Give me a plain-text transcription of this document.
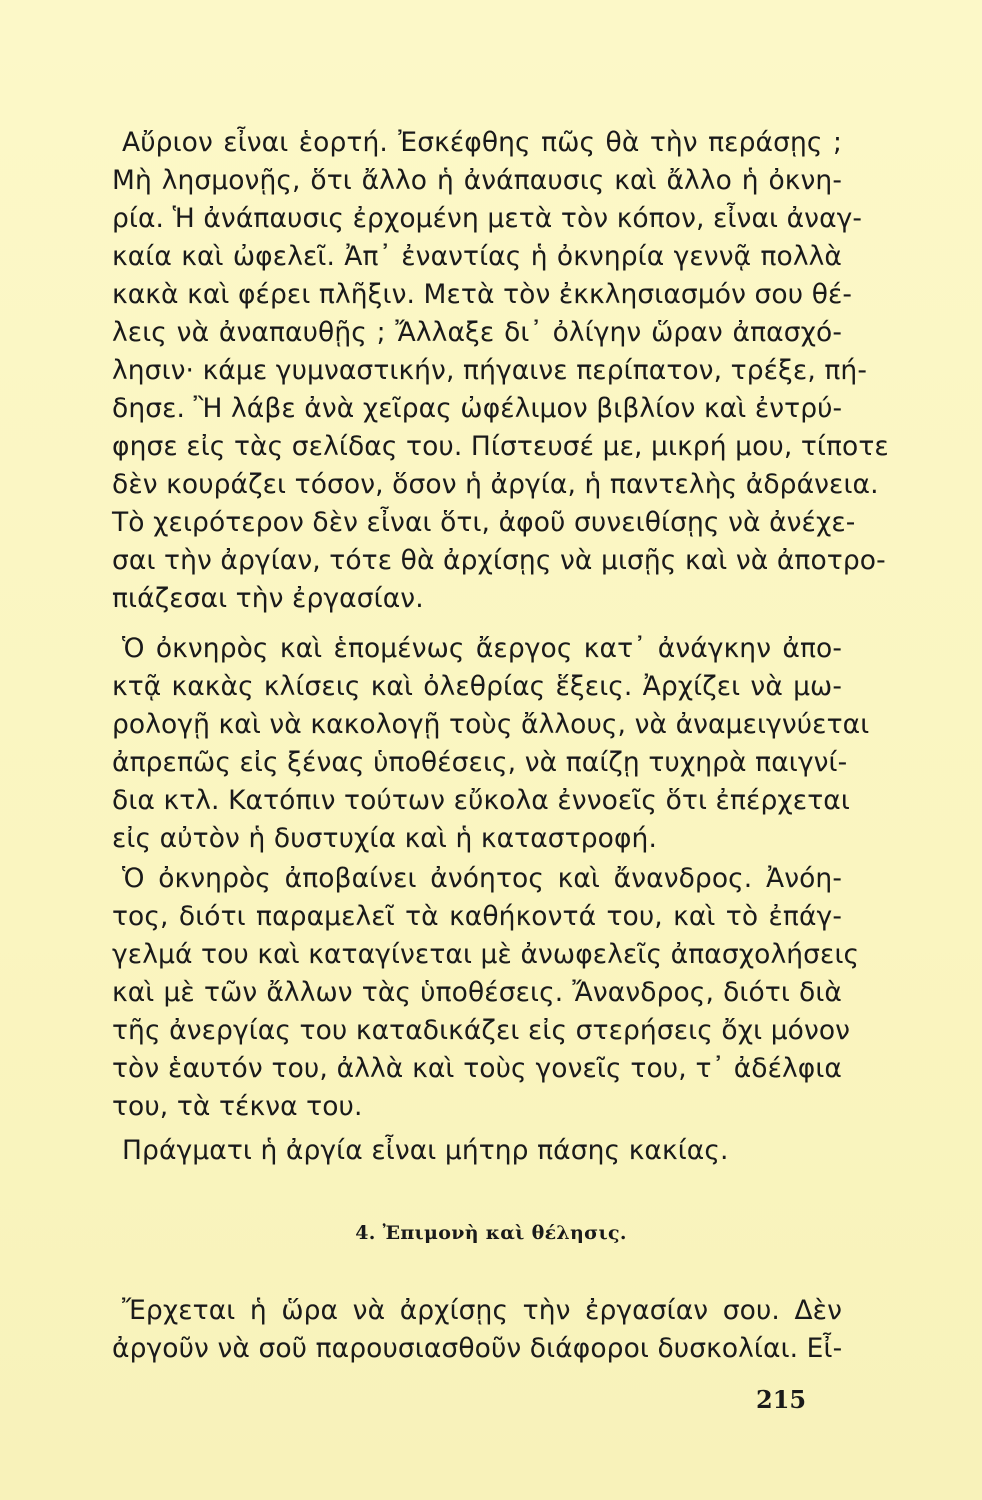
Αὔριον εἶναι ἑορτή. Ἐσκέφθης πῶς θὰ τὴν περάσῃς ;
Μὴ λησμονῇς, ὅτι ἄλλο ἡ ἀνάπαυσις καὶ ἄλλο ἡ ὀκνη-
ρία. Ἡ ἀνάπαυσις ἐρχομένη μετὰ τὸν κόπον, εἶναι ἀναγ-
καία καὶ ὠφελεῖ. Ἀπ᾿ ἐναντίας ἡ ὀκνηρία γεννᾷ πολλὰ
κακὰ καὶ φέρει πλῆξιν. Μετὰ τὸν ἐκκλησιασμόν σου θέ-
λεις νὰ ἀναπαυθῇς ; Ἄλλαξε δι᾿ ὀλίγην ὥραν ἀπασχό-
λησιν· κάμε γυμναστικήν, πήγαινε περίπατον, τρέξε, πή-
δησε. Ἢ λάβε ἀνὰ χεῖρας ὠφέλιμον βιβλίον καὶ ἐντρύ-
φησε εἰς τὰς σελίδας του. Πίστευσέ με, μικρή μου, τίποτε
δὲν κουράζει τόσον, ὅσον ἡ ἀργία, ἡ παντελὴς ἀδράνεια.
Τὸ χειρότερον δὲν εἶναι ὅτι, ἀφοῦ συνειθίσῃς νὰ ἀνέχε-
σαι τὴν ἀργίαν, τότε θὰ ἀρχίσῃς νὰ μισῇς καὶ νὰ ἀποτρο-
πιάζεσαι τὴν ἐργασίαν.
Ὁ ὀκνηρὸς καὶ ἑπομένως ἄεργος κατ᾿ ἀνάγκην ἀπο-
κτᾷ κακὰς κλίσεις καὶ ὀλεθρίας ἕξεις. Ἀρχίζει νὰ μω-
ρολογῇ καὶ νὰ κακολογῇ τοὺς ἄλλους, νὰ ἀναμειγνύεται
ἀπρεπῶς εἰς ξένας ὑποθέσεις, νὰ παίζῃ τυχηρὰ παιγνί-
δια κτλ. Κατόπιν τούτων εὔκολα ἐννοεῖς ὅτι ἐπέρχεται
εἰς αὐτὸν ἡ δυστυχία καὶ ἡ καταστροφή.
Ὁ ὀκνηρὸς ἀποβαίνει ἀνόητος καὶ ἄνανδρος. Ἀνόη-
τος, διότι παραμελεῖ τὰ καθήκοντά του, καὶ τὸ ἐπάγ-
γελμά του καὶ καταγίνεται μὲ ἀνωφελεῖς ἀπασχολήσεις
καὶ μὲ τῶν ἄλλων τὰς ὑποθέσεις. Ἄνανδρος, διότι διὰ
τῆς ἀνεργίας του καταδικάζει εἰς στερήσεις ὄχι μόνον
τὸν ἑαυτόν του, ἀλλὰ καὶ τοὺς γονεῖς του, τ᾿ ἀδέλφια
του, τὰ τέκνα του.
Πράγματι ἡ ἀργία εἶναι μήτηρ πάσης κακίας.
4. Ἐπιμονὴ καὶ θέλησις.
Ἔρχεται ἡ ὥρα νὰ ἀρχίσῃς τὴν ἐργασίαν σου. Δὲν
ἀργοῦν νὰ σοῦ παρουσιασθοῦν διάφοροι δυσκολίαι. Εἶ-
215
